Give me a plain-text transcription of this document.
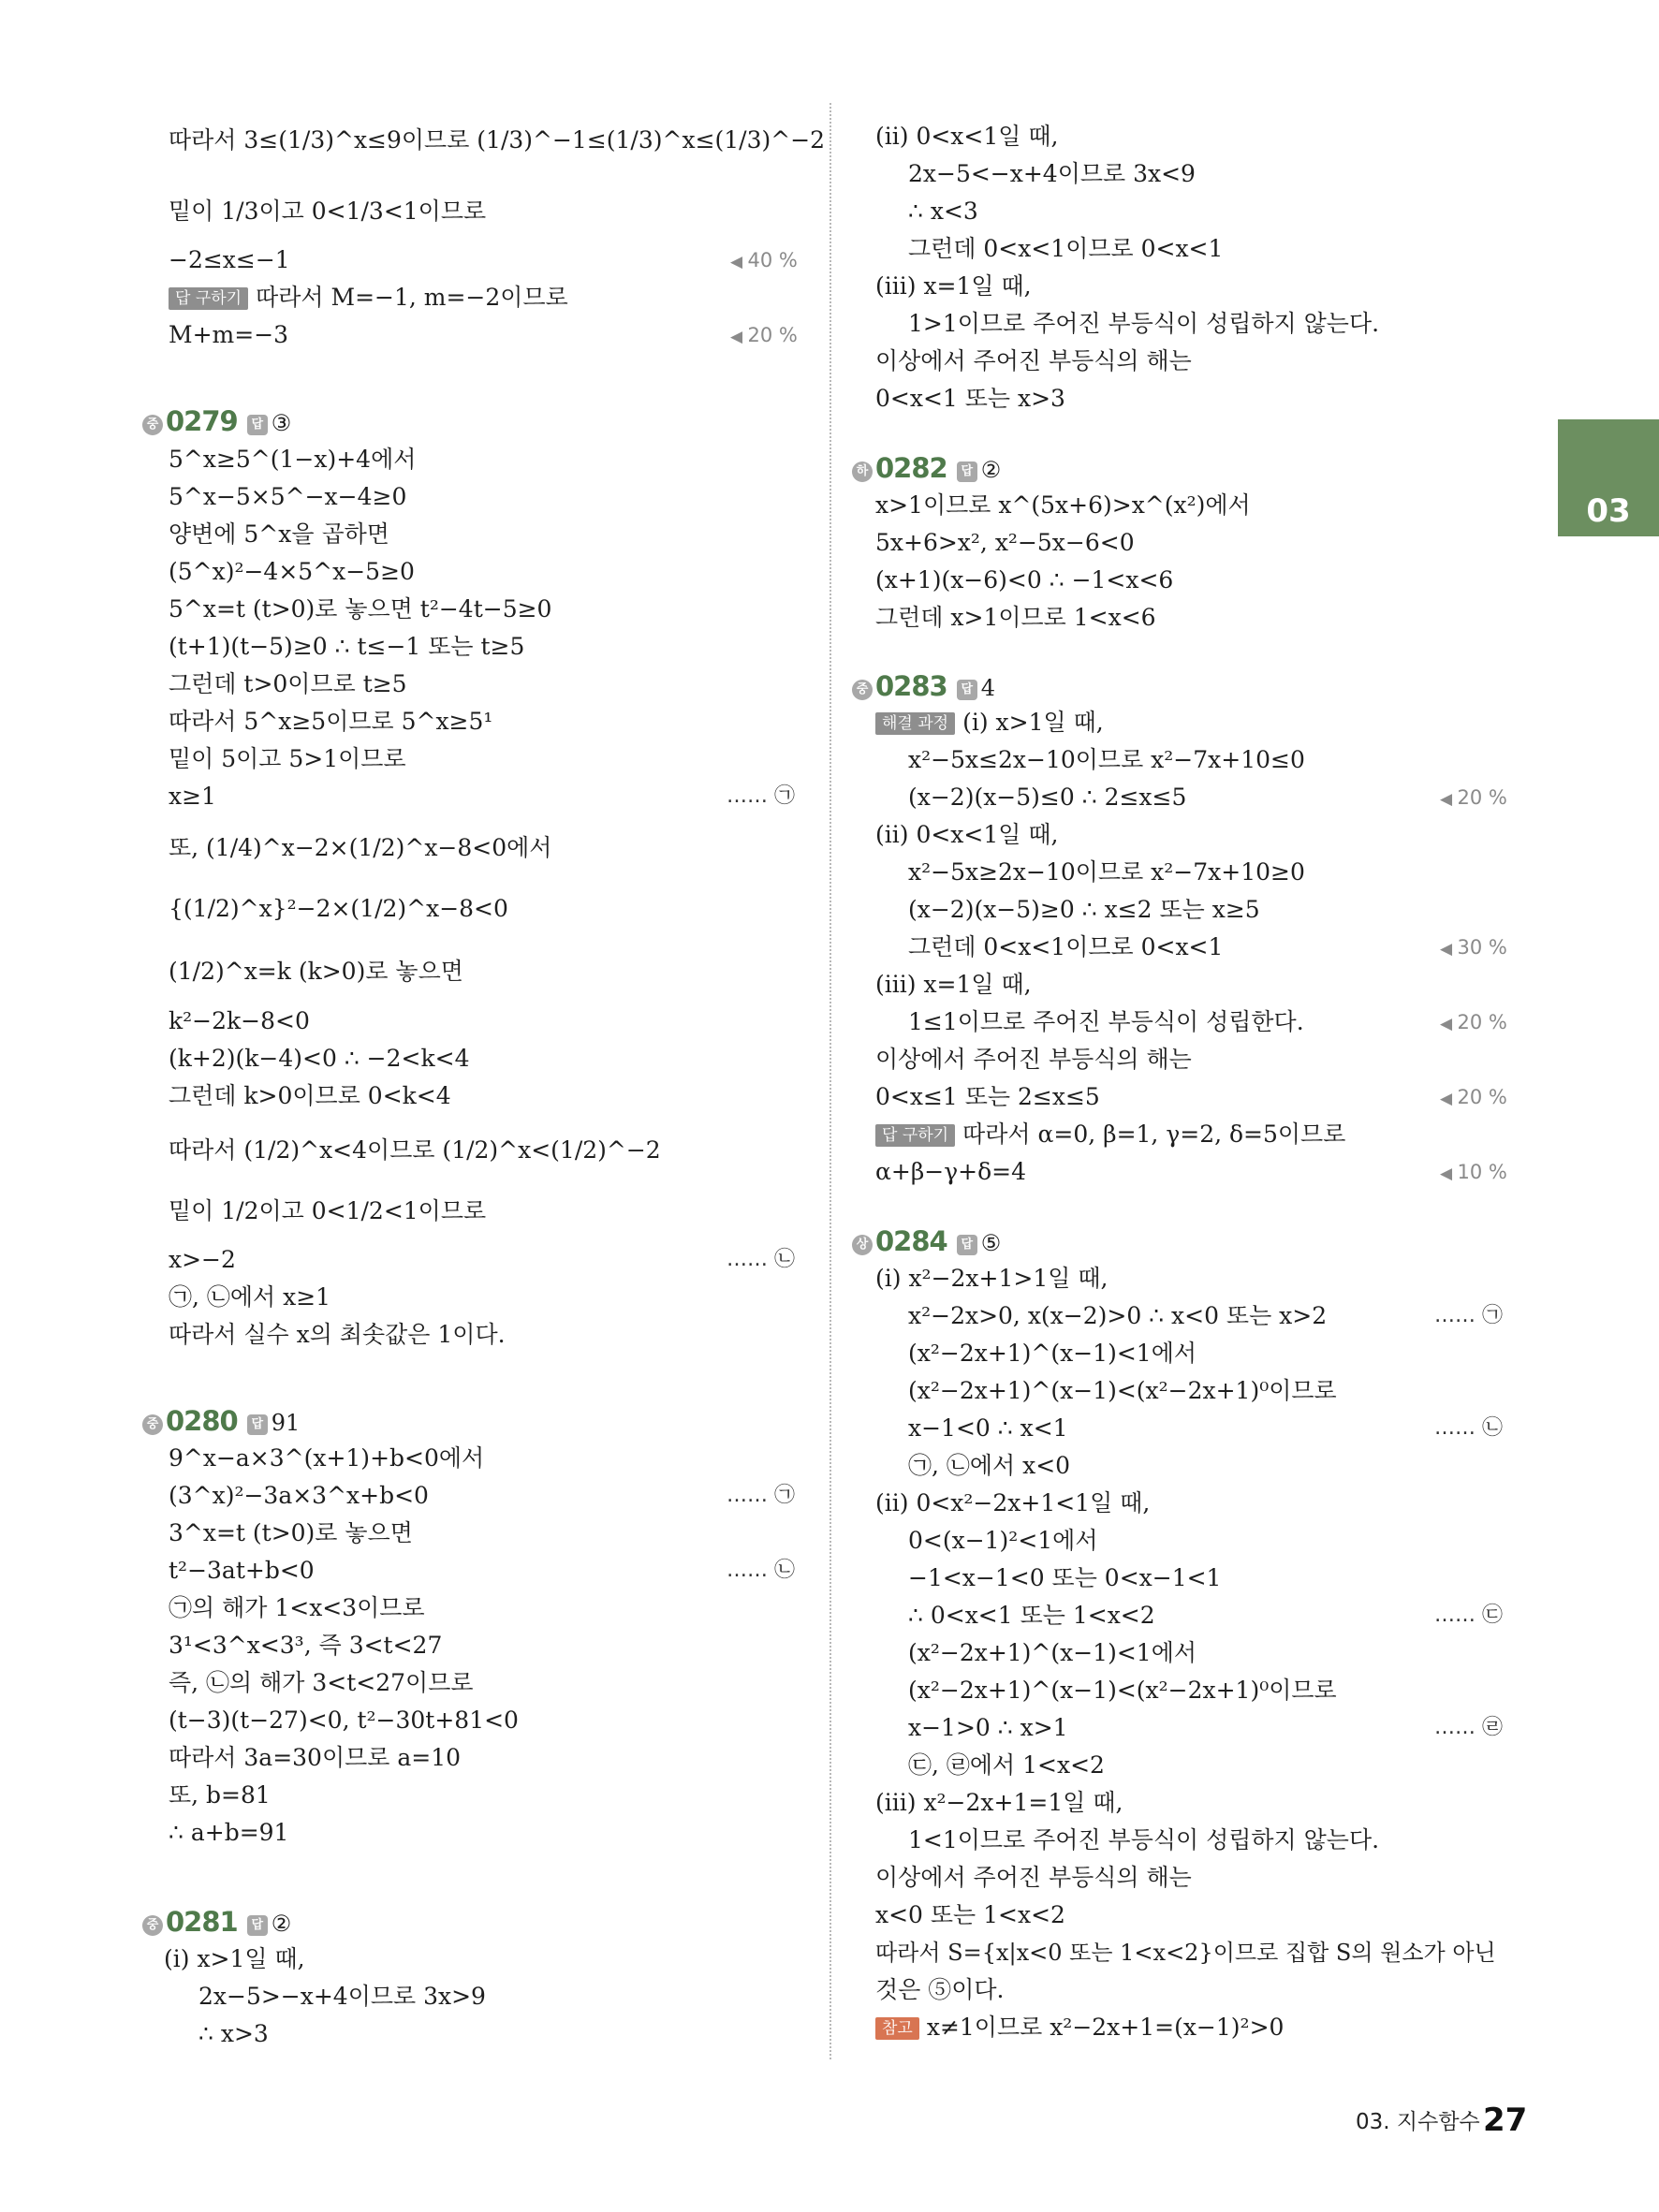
따라서 3≤(1/3)^x≤9이므로 (1/3)^−1≤(1/3)^x≤(1/3)^−2
밑이 1/3이고 0<1/3<1이므로
−2≤x≤−1	◀ 40 %
답 구하기 따라서 M=−1, m=−2이므로
M+m=−3	◀ 20 %
중 0279 답 ③
5^x≥5^(1−x)+4에서
5^x−5×5^−x−4≥0
양변에 5^x을 곱하면
(5^x)²−4×5^x−5≥0
5^x=t (t>0)로 놓으면 t²−4t−5≥0
(t+1)(t−5)≥0 ∴ t≤−1 또는 t≥5
그런데 t>0이므로 t≥5
따라서 5^x≥5이므로 5^x≥5¹
밑이 5이고 5>1이므로
x≥1	…… ㉠
또, (1/4)^x−2×(1/2)^x−8<0에서
{(1/2)^x}²−2×(1/2)^x−8<0
(1/2)^x=k (k>0)로 놓으면
k²−2k−8<0
(k+2)(k−4)<0 ∴ −2<k<4
그런데 k>0이므로 0<k<4
따라서 (1/2)^x<4이므로 (1/2)^x<(1/2)^−2
밑이 1/2이고 0<1/2<1이므로
x>−2	…… ㉡
㉠, ㉡에서 x≥1
따라서 실수 x의 최솟값은 1이다.
중 0280 답 91
9^x−a×3^(x+1)+b<0에서
(3^x)²−3a×3^x+b<0	…… ㉠
3^x=t (t>0)로 놓으면
t²−3at+b<0	…… ㉡
㉠의 해가 1<x<3이므로
3¹<3^x<3³, 즉 3<t<27
즉, ㉡의 해가 3<t<27이므로
(t−3)(t−27)<0, t²−30t+81<0
따라서 3a=30이므로 a=10
또, b=81
∴ a+b=91
중 0281 답 ②
(i) x>1일 때,
2x−5>−x+4이므로 3x>9
∴ x>3
(ii) 0<x<1일 때,
2x−5<−x+4이므로 3x<9
∴ x<3
그런데 0<x<1이므로 0<x<1
(iii) x=1일 때,
1>1이므로 주어진 부등식이 성립하지 않는다.
이상에서 주어진 부등식의 해는
0<x<1 또는 x>3
하 0282 답 ②
x>1이므로 x^(5x+6)>x^(x²)에서
5x+6>x², x²−5x−6<0
(x+1)(x−6)<0 ∴ −1<x<6
그런데 x>1이므로 1<x<6
중 0283 답 4
해결 과정 (i) x>1일 때,
x²−5x≤2x−10이므로 x²−7x+10≤0
(x−2)(x−5)≤0 ∴ 2≤x≤5	◀ 20 %
(ii) 0<x<1일 때,
x²−5x≥2x−10이므로 x²−7x+10≥0
(x−2)(x−5)≥0 ∴ x≤2 또는 x≥5
그런데 0<x<1이므로 0<x<1	◀ 30 %
(iii) x=1일 때,
1≤1이므로 주어진 부등식이 성립한다.	◀ 20 %
이상에서 주어진 부등식의 해는
0<x≤1 또는 2≤x≤5	◀ 20 %
답 구하기 따라서 α=0, β=1, γ=2, δ=5이므로
α+β−γ+δ=4	◀ 10 %
상 0284 답 ⑤
(i) x²−2x+1>1일 때,
x²−2x>0, x(x−2)>0 ∴ x<0 또는 x>2	…… ㉠
(x²−2x+1)^(x−1)<1에서
(x²−2x+1)^(x−1)<(x²−2x+1)⁰이므로
x−1<0 ∴ x<1	…… ㉡
㉠, ㉡에서 x<0
(ii) 0<x²−2x+1<1일 때,
0<(x−1)²<1에서
−1<x−1<0 또는 0<x−1<1
∴ 0<x<1 또는 1<x<2	…… ㉢
(x²−2x+1)^(x−1)<1에서
(x²−2x+1)^(x−1)<(x²−2x+1)⁰이므로
x−1>0 ∴ x>1	…… ㉣
㉢, ㉣에서 1<x<2
(iii) x²−2x+1=1일 때,
1<1이므로 주어진 부등식이 성립하지 않는다.
이상에서 주어진 부등식의 해는
x<0 또는 1<x<2
따라서 S={x|x<0 또는 1<x<2}이므로 집합 S의 원소가 아닌
것은 ⑤이다.
참고 x≠1이므로 x²−2x+1=(x−1)²>0
03
03. 지수함수 27
